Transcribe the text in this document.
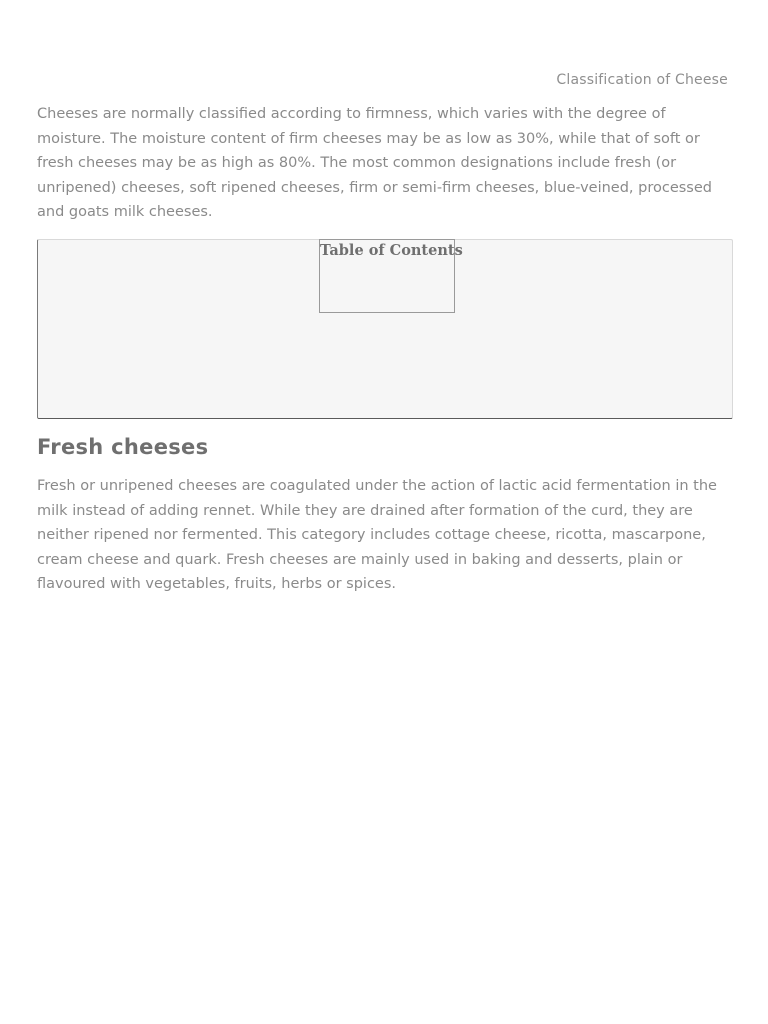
Classification of Cheese

Cheeses are normally classified according to firmness, which varies with the degree of moisture. The moisture content of firm cheeses may be as low as 30%, while that of soft or fresh cheeses may be as high as 80%. The most common designations include fresh (or unripened) cheeses, soft ripened cheeses, firm or semi-firm cheeses, blue-veined, processed and goats milk cheeses.

Table of Contents
Fresh cheeses

Fresh or unripened cheeses are coagulated under the action of lactic acid fermentation in the milk instead of adding rennet. While they are drained after formation of the curd, they are neither ripened nor fermented. This category includes cottage cheese, ricotta, mascarpone, cream cheese and quark. Fresh cheeses are mainly used in baking and desserts, plain or flavoured with vegetables, fruits, herbs or spices.
